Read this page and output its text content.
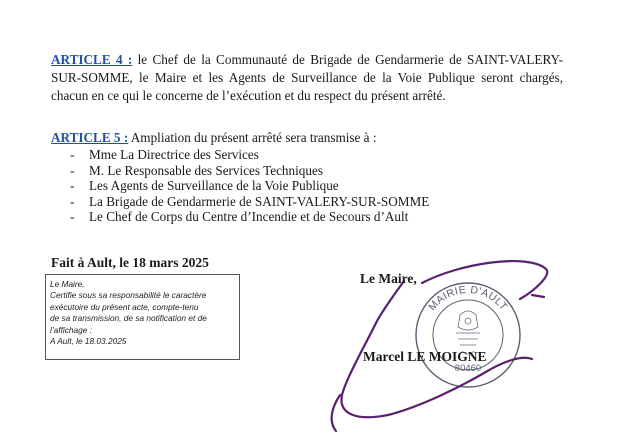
ARTICLE 4 : le Chef de la Communauté de Brigade de Gendarmerie de SAINT-VALERY-SUR-SOMME, le Maire et les Agents de Surveillance de la Voie Publique seront chargés, chacun en ce qui le concerne de l’exécution et du respect du présent arrêté.
ARTICLE 5 : Ampliation du présent arrêté sera transmise à :
- Mme La Directrice des Services
- M. Le Responsable des Services Techniques
- Les Agents de Surveillance de la Voie Publique
- La Brigade de Gendarmerie de SAINT-VALERY-SUR-SOMME
- Le Chef de Corps du Centre d’Incendie et de Secours d’Ault
Fait à Ault, le 18 mars 2025
Le Maire,
Certifie sous sa responsabilité le caractère
exécutoire du présent acte, compte-tenu
de sa transmission, de sa notification et de
l’affichage :
A Ault, le 18.03.2025
MAIRIE D'AULT
80460
Le Maire,
Marcel LE MOIGNE
